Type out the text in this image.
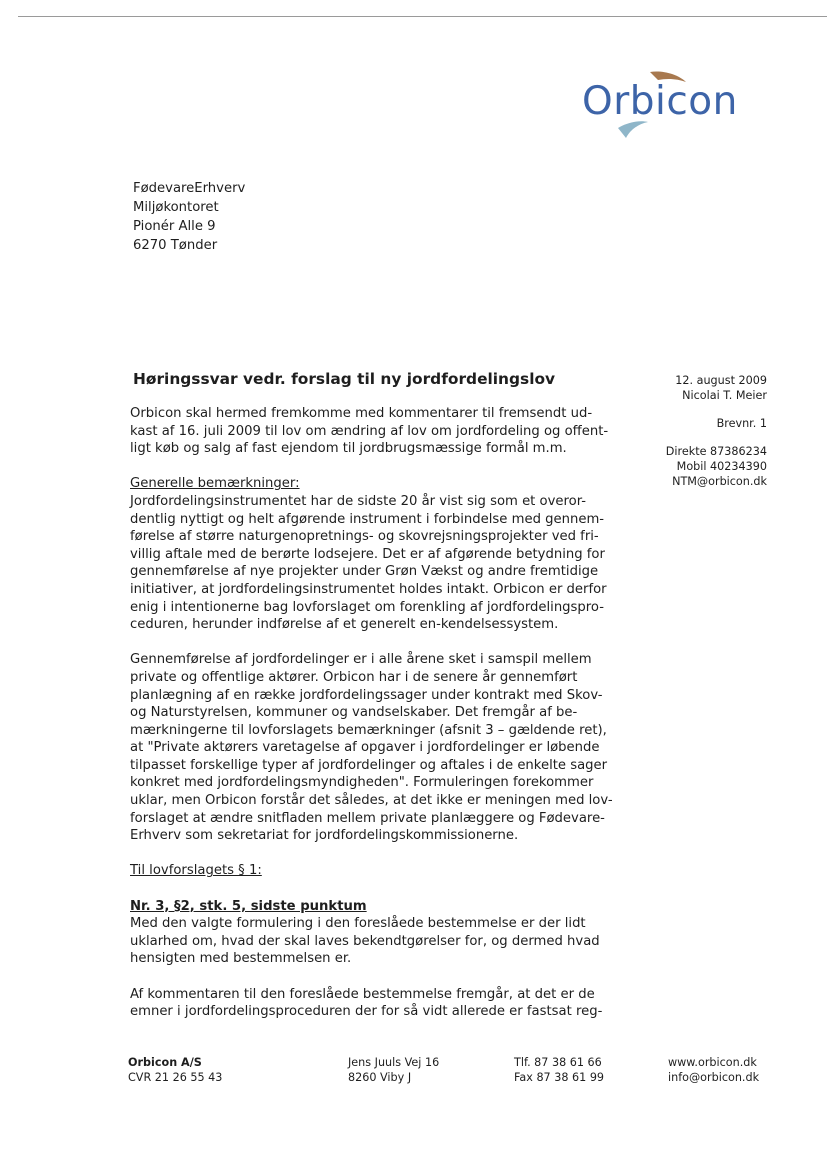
Orbicon
FødevareErhverv
Miljøkontoret
Pionér Alle 9
6270 Tønder
Høringssvar vedr. forslag til ny jordfordelingslov	12. august 2009
Nicolai T. Meier
Brevnr. 1
Direkte 87386234
Mobil 40234390
NTM@orbicon.dk
Orbicon skal hermed fremkomme med kommentarer til fremsendt ud-
kast af 16. juli 2009 til lov om ændring af lov om jordfordeling og offent-
ligt køb og salg af fast ejendom til jordbrugsmæssige formål m.m.
Generelle bemærkninger:
Jordfordelingsinstrumentet har de sidste 20 år vist sig som et overor-
dentlig nyttigt og helt afgørende instrument i forbindelse med gennem-
førelse af større naturgenopretnings- og skovrejsningsprojekter ved fri-
villig aftale med de berørte lodsejere. Det er af afgørende betydning for
gennemførelse af nye projekter under Grøn Vækst og andre fremtidige
initiativer, at jordfordelingsinstrumentet holdes intakt. Orbicon er derfor
enig i intentionerne bag lovforslaget om forenkling af jordfordelingspro-
ceduren, herunder indførelse af et generelt en-kendelsessystem.
Gennemførelse af jordfordelinger er i alle årene sket i samspil mellem
private og offentlige aktører. Orbicon har i de senere år gennemført
planlægning af en række jordfordelingssager under kontrakt med Skov-
og Naturstyrelsen, kommuner og vandselskaber. Det fremgår af be-
mærkningerne til lovforslagets bemærkninger (afsnit 3 – gældende ret),
at "Private aktørers varetagelse af opgaver i jordfordelinger er løbende
tilpasset forskellige typer af jordfordelinger og aftales i de enkelte sager
konkret med jordfordelingsmyndigheden". Formuleringen forekommer
uklar, men Orbicon forstår det således, at det ikke er meningen med lov-
forslaget at ændre snitfladen mellem private planlæggere og Fødevare-
Erhverv som sekretariat for jordfordelingskommissionerne.
Til lovforslagets § 1:
Nr. 3, §2, stk. 5, sidste punktum
Med den valgte formulering i den foreslåede bestemmelse er der lidt
uklarhed om, hvad der skal laves bekendtgørelser for, og dermed hvad
hensigten med bestemmelsen er.
Af kommentaren til den foreslåede bestemmelse fremgår, at det er de
emner i jordfordelingsproceduren der for så vidt allerede er fastsat reg-
Orbicon A/S
CVR 21 26 55 43
Jens Juuls Vej 16
8260 Viby J
Tlf. 87 38 61 66
Fax 87 38 61 99
www.orbicon.dk
info@orbicon.dk
